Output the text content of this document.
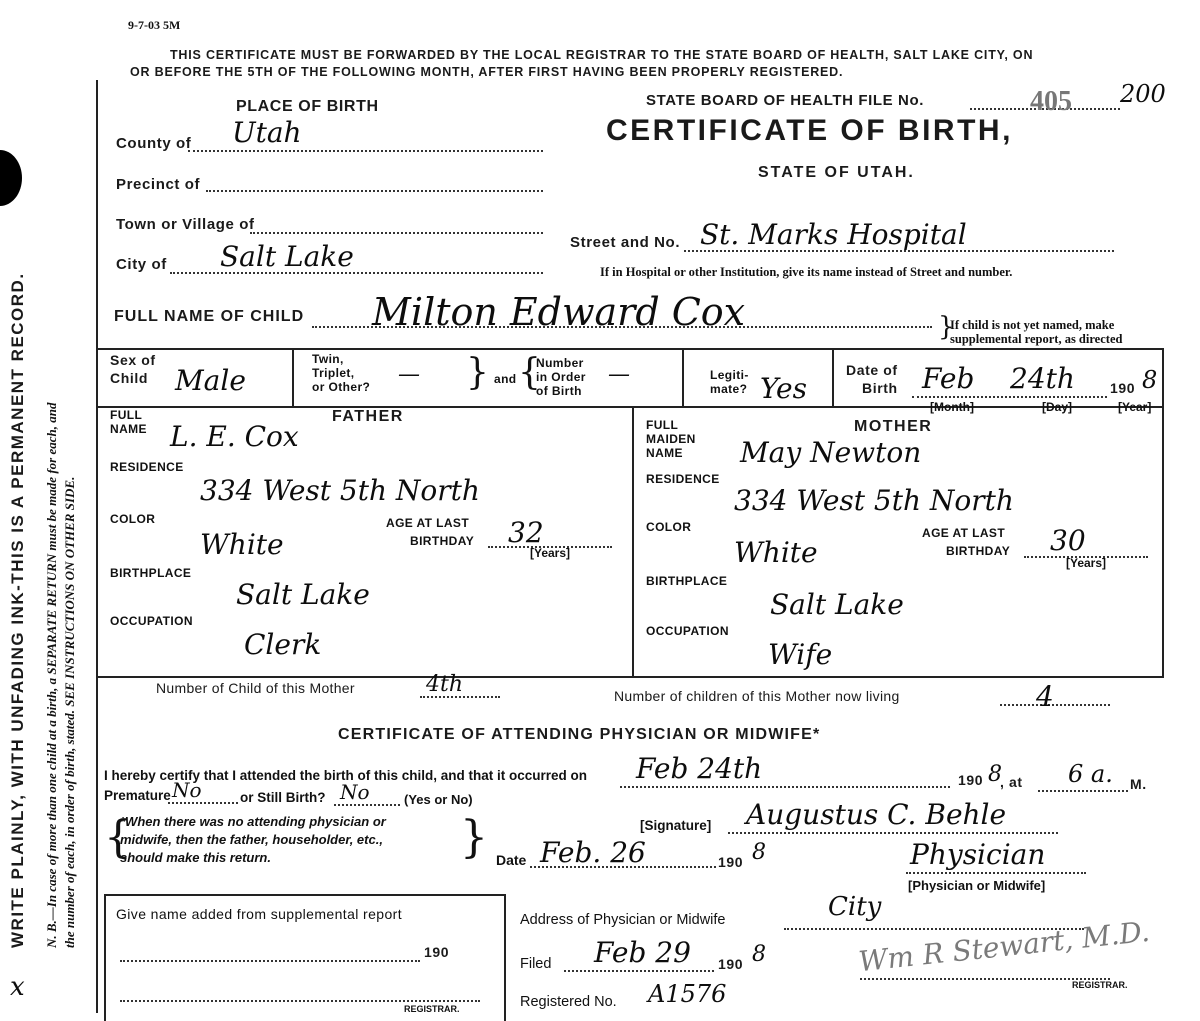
WRITE PLAINLY, WITH UNFADING INK-THIS IS A PERMANENT RECORD. N. B.—In case of more than one child at a birth, a SEPARATE RETURN must be made for each, and the number of each, in order of birth, stated. SEE INSTRUCTIONS ON OTHER SIDE.
x
9-7-03 5M
THIS CERTIFICATE MUST BE FORWARDED BY THE LOCAL REGISTRAR TO THE STATE BOARD OF HEALTH, SALT LAKE CITY, ON
OR BEFORE THE 5TH OF THE FOLLOWING MONTH, AFTER FIRST HAVING BEEN PROPERLY REGISTERED.
PLACE OF BIRTH
County of Utah
Precinct of
Town or Village of
City of Salt Lake
STATE BOARD OF HEALTH FILE No.	405 200
CERTIFICATE OF BIRTH,
STATE OF UTAH.
Street and No. St. Marks Hospital
If in Hospital or other Institution, give its name instead of Street and number.
FULL NAME OF CHILD Milton Edward Cox	}
If child is not yet named, make
supplemental report, as directed
Sex of
Child Male
Twin,
Triplet,
or Other? — } and {
Number
in Order
of Birth
—	Legiti-
mate? Yes
Date of
Birth Feb 24th	190 8
[Month]	[Day]	[Year]
FATHER
FULL
NAME L. E. Cox
RESIDENCE
334 West 5th North
COLOR
White
AGE AT LAST
BIRTHDAY 32
[Years]
BIRTHPLACE
Salt Lake
OCCUPATION
Clerk
MOTHER
FULL
MAIDEN
NAME May Newton
RESIDENCE
334 West 5th North
COLOR
White
AGE AT LAST
BIRTHDAY 30
[Years]
BIRTHPLACE
Salt Lake
OCCUPATION
Wife
Number of Child of this Mother	4th	Number of children of this Mother now living	4
CERTIFICATE OF ATTENDING PHYSICIAN OR MIDWIFE*
I hereby certify that I attended the birth of this child, and that it occurred on Feb 24th	190 8
, at 6 a. M.
Premature No	or Still Birth? No	(Yes or No)
{
*When there was no attending physician or
midwife, then the father, householder, etc.,
should make this return.	}	[Signature] Augustus C. Behle
Date Feb. 26	190 8	Physician
[Physician or Midwife]
Give name added from supplemental report
190
REGISTRAR.
Address of Physician or Midwife	City
Filed Feb 29 190 8
Registered No. A1576
Wm R Stewart, M.D.
REGISTRAR.
